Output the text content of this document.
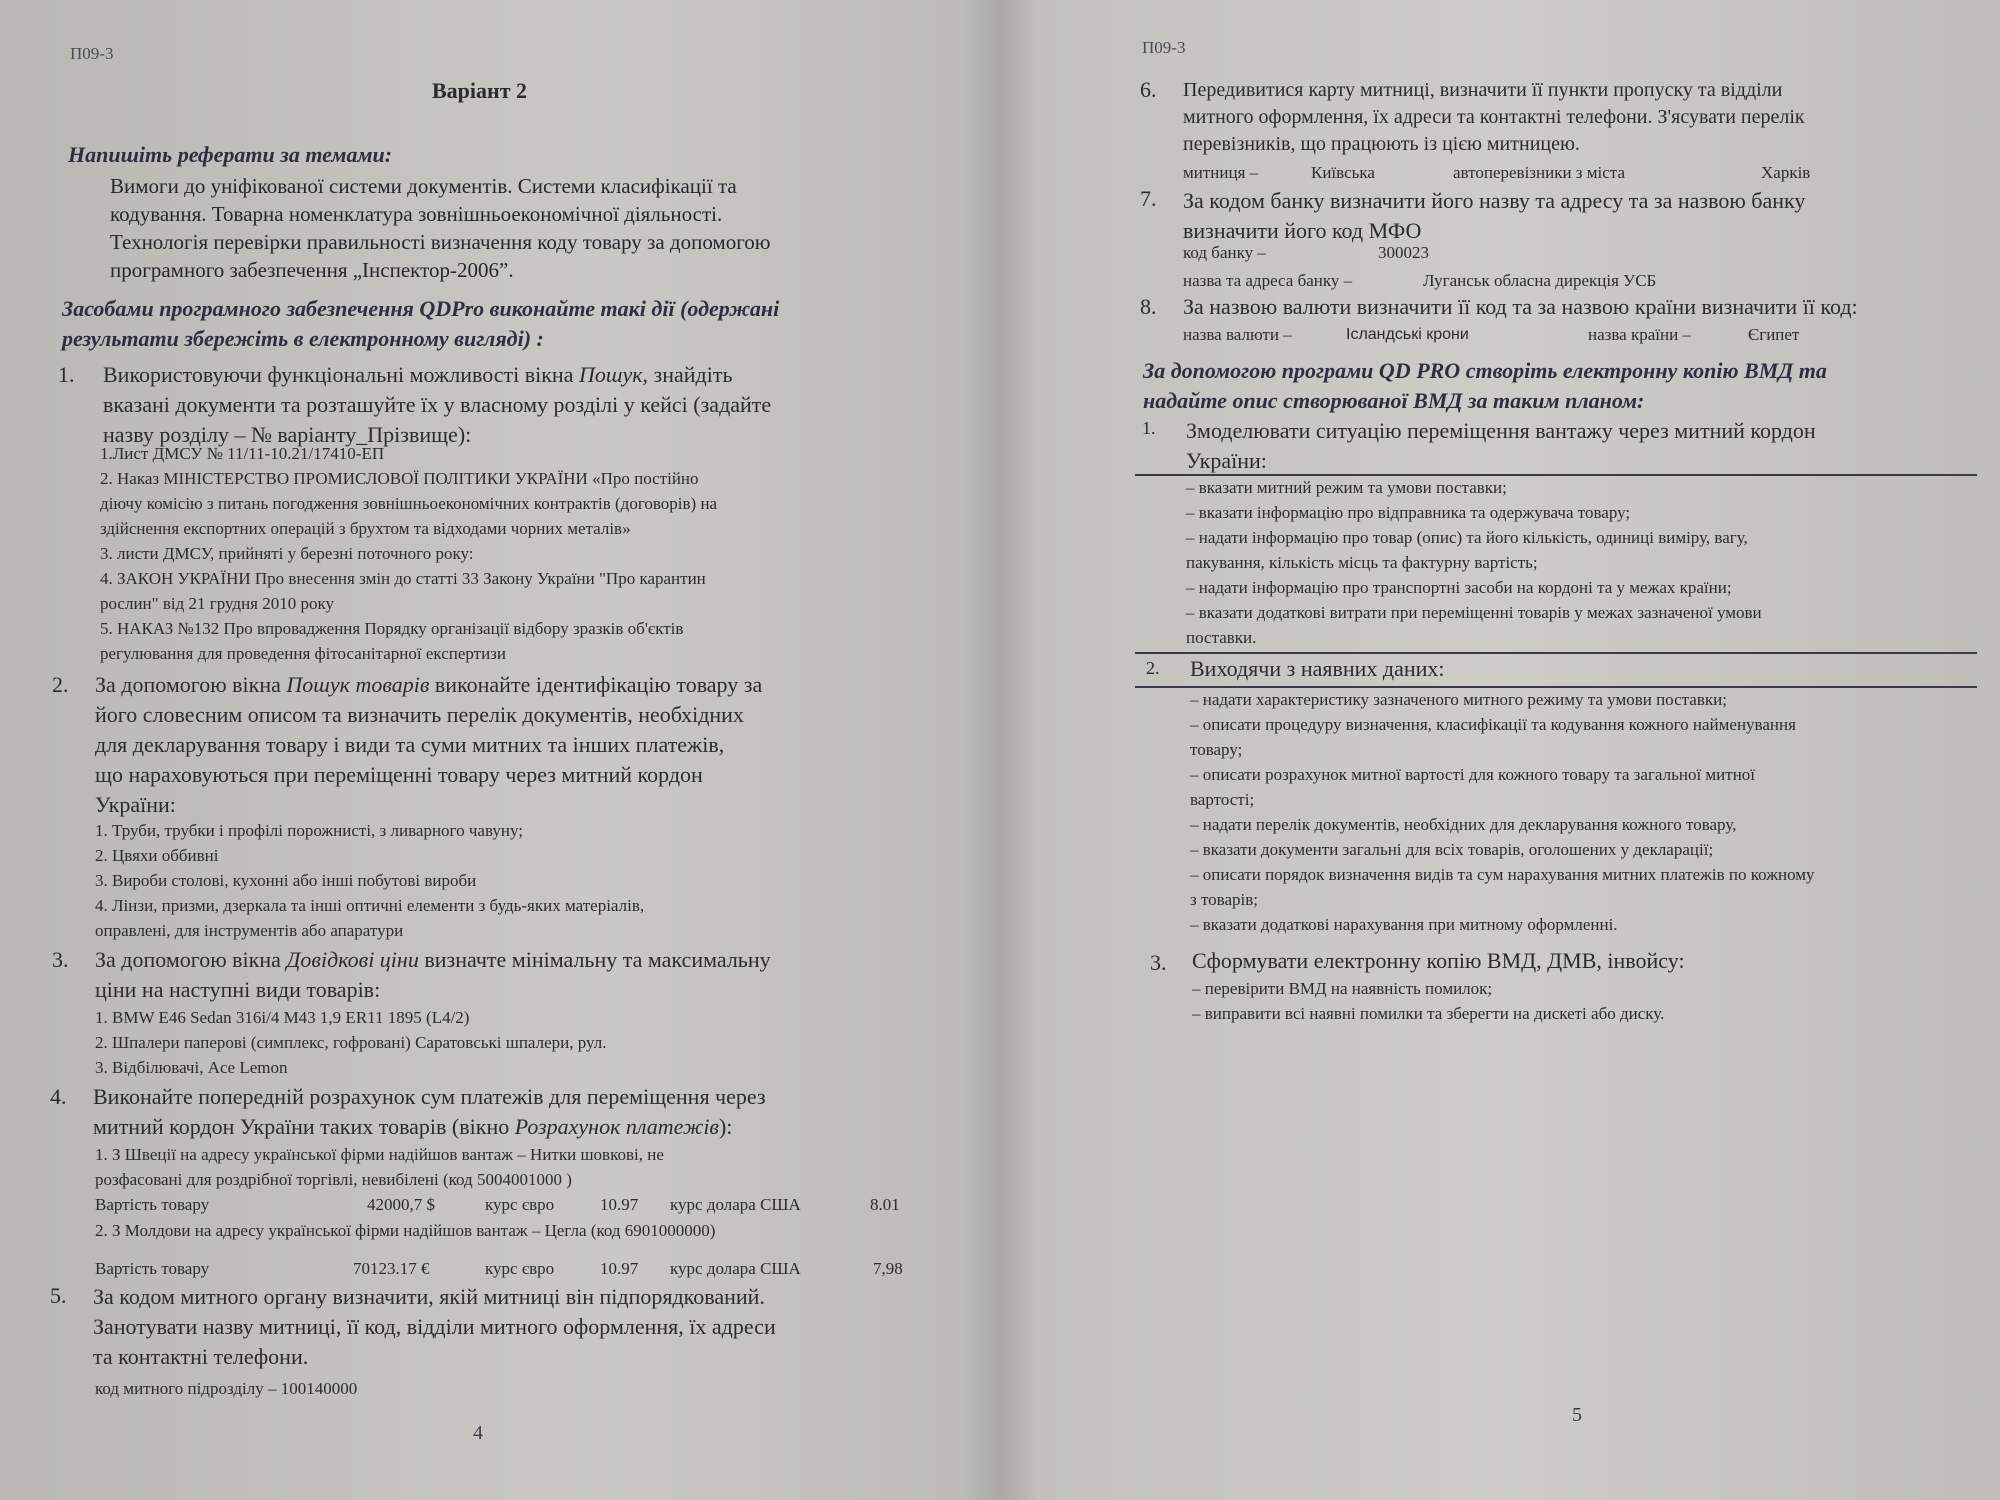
П09-3
Варіант 2
Напишіть реферати за темами:
Вимоги до уніфікованої системи документів. Системи класифікації та
кодування. Товарна номенклатура зовнішньоекономічної діяльності.
Технологія перевірки правильності визначення коду товару за допомогою
програмного забезпечення „Інспектор-2006”.
Засобами програмного забезпечення QDPro виконайте такі дії (одержані
результати збережіть в електронному вигляді) :
1. Використовуючи функціональні можливості вікна Пошук, знайдіть
вказані документи та розташуйте їх у власному розділі у кейсі (задайте
назву розділу – № варіанту_Прізвище):
1.Лист ДМСУ № 11/11-10.21/17410-ЕП
2. Наказ МІНІСТЕРСТВО ПРОМИСЛОВОЇ ПОЛІТИКИ УКРАЇНИ «Про постійно
діючу комісію з питань погодження зовнішньоекономічних контрактів (договорів) на
здійснення експортних операцій з брухтом та відходами чорних металів»
3. листи ДМСУ, прийняті у березні поточного року:
4. ЗАКОН УКРАЇНИ Про внесення змін до статті 33 Закону України "Про карантин
рослин" від 21 грудня 2010 року
5. НАКАЗ №132 Про впровадження Порядку організації відбору зразків об'єктів
регулювання для проведення фітосанітарної експертизи
2. За допомогою вікна Пошук товарів виконайте ідентифікацію товару за
його словесним описом та визначить перелік документів, необхідних
для декларування товару і види та суми митних та інших платежів,
що нараховуються при переміщенні товару через митний кордон
України:
1. Труби, трубки і профілі порожнисті, з ливарного чавуну;
2. Цвяхи оббивні
3. Вироби столові, кухонні або інші побутові вироби
4. Лінзи, призми, дзеркала та інші оптичні елементи з будь-яких матеріалів,
оправлені, для інструментів або апаратури
3. За допомогою вікна Довідкові ціни визначте мінімальну та максимальну
ціни на наступні види товарів:
1. BMW E46 Sedan 316i/4 M43 1,9 ER11 1895 (L4/2)
2. Шпалери паперові (симплекс, гофровані) Саратовські шпалери, рул.
3. Відбілювачі, Ace Lemon
4. Виконайте попередній розрахунок сум платежів для переміщення через
митний кордон України таких товарів (вікно Розрахунок платежів):
1. З Швеції на адресу української фірми надійшов вантаж – Нитки шовкові, не
розфасовані для роздрібної торгівлі, невибілені (код 5004001000 )
Вартість товару	42000,7 $	курс євро	10.97 курс долара США	8.01
2. З Молдови на адресу української фірми надійшов вантаж – Цегла (код 6901000000)
Вартість товару	70123.17 €	курс євро	10.97 курс долара США	7,98
5. За кодом митного органу визначити, якій митниці він підпорядкований.
Занотувати назву митниці, її код, відділи митного оформлення, їх адреси
та контактні телефони.
код митного підрозділу – 100140000
4
П09-3
6. Передивитися карту митниці, визначити її пункти пропуску та відділи
митного оформлення, їх адреси та контактні телефони. З'ясувати перелік
перевізників, що працюють із цією митницею.
митниця –	Київська	автоперевізники з міста	Харків
7. За кодом банку визначити його назву та адресу та за назвою банку
визначити його код МФО
код банку –	300023
назва та адреса банку –	Луганськ обласна дирекція УСБ
8. За назвою валюти визначити її код та за назвою країни визначити її код:
назва валюти –	Ісландські крони	назва країни –	Єгипет
За допомогою програми QD PRO створіть електронну копію ВМД та
надайте опис створюваної ВМД за таким планом:
1. Змоделювати ситуацію переміщення вантажу через митний кордон
України:
– вказати митний режим та умови поставки;
– вказати інформацію про відправника та одержувача товару;
– надати інформацію про товар (опис) та його кількість, одиниці виміру, вагу,
пакування, кількість місць та фактурну вартість;
– надати інформацію про транспортні засоби на кордоні та у межах країни;
– вказати додаткові витрати при переміщенні товарів у межах зазначеної умови
поставки.
2. Виходячи з наявних даних:
– надати характеристику зазначеного митного режиму та умови поставки;
– описати процедуру визначення, класифікації та кодування кожного найменування
товару;
– описати розрахунок митної вартості для кожного товару та загальної митної
вартості;
– надати перелік документів, необхідних для декларування кожного товару,
– вказати документи загальні для всіх товарів, оголошених у декларації;
– описати порядок визначення видів та сум нарахування митних платежів по кожному
з товарів;
– вказати додаткові нарахування при митному оформленні.
3. Сформувати електронну копію ВМД, ДМВ, інвойсу:
– перевірити ВМД на наявність помилок;
– виправити всі наявні помилки та зберегти на дискеті або диску.
5
